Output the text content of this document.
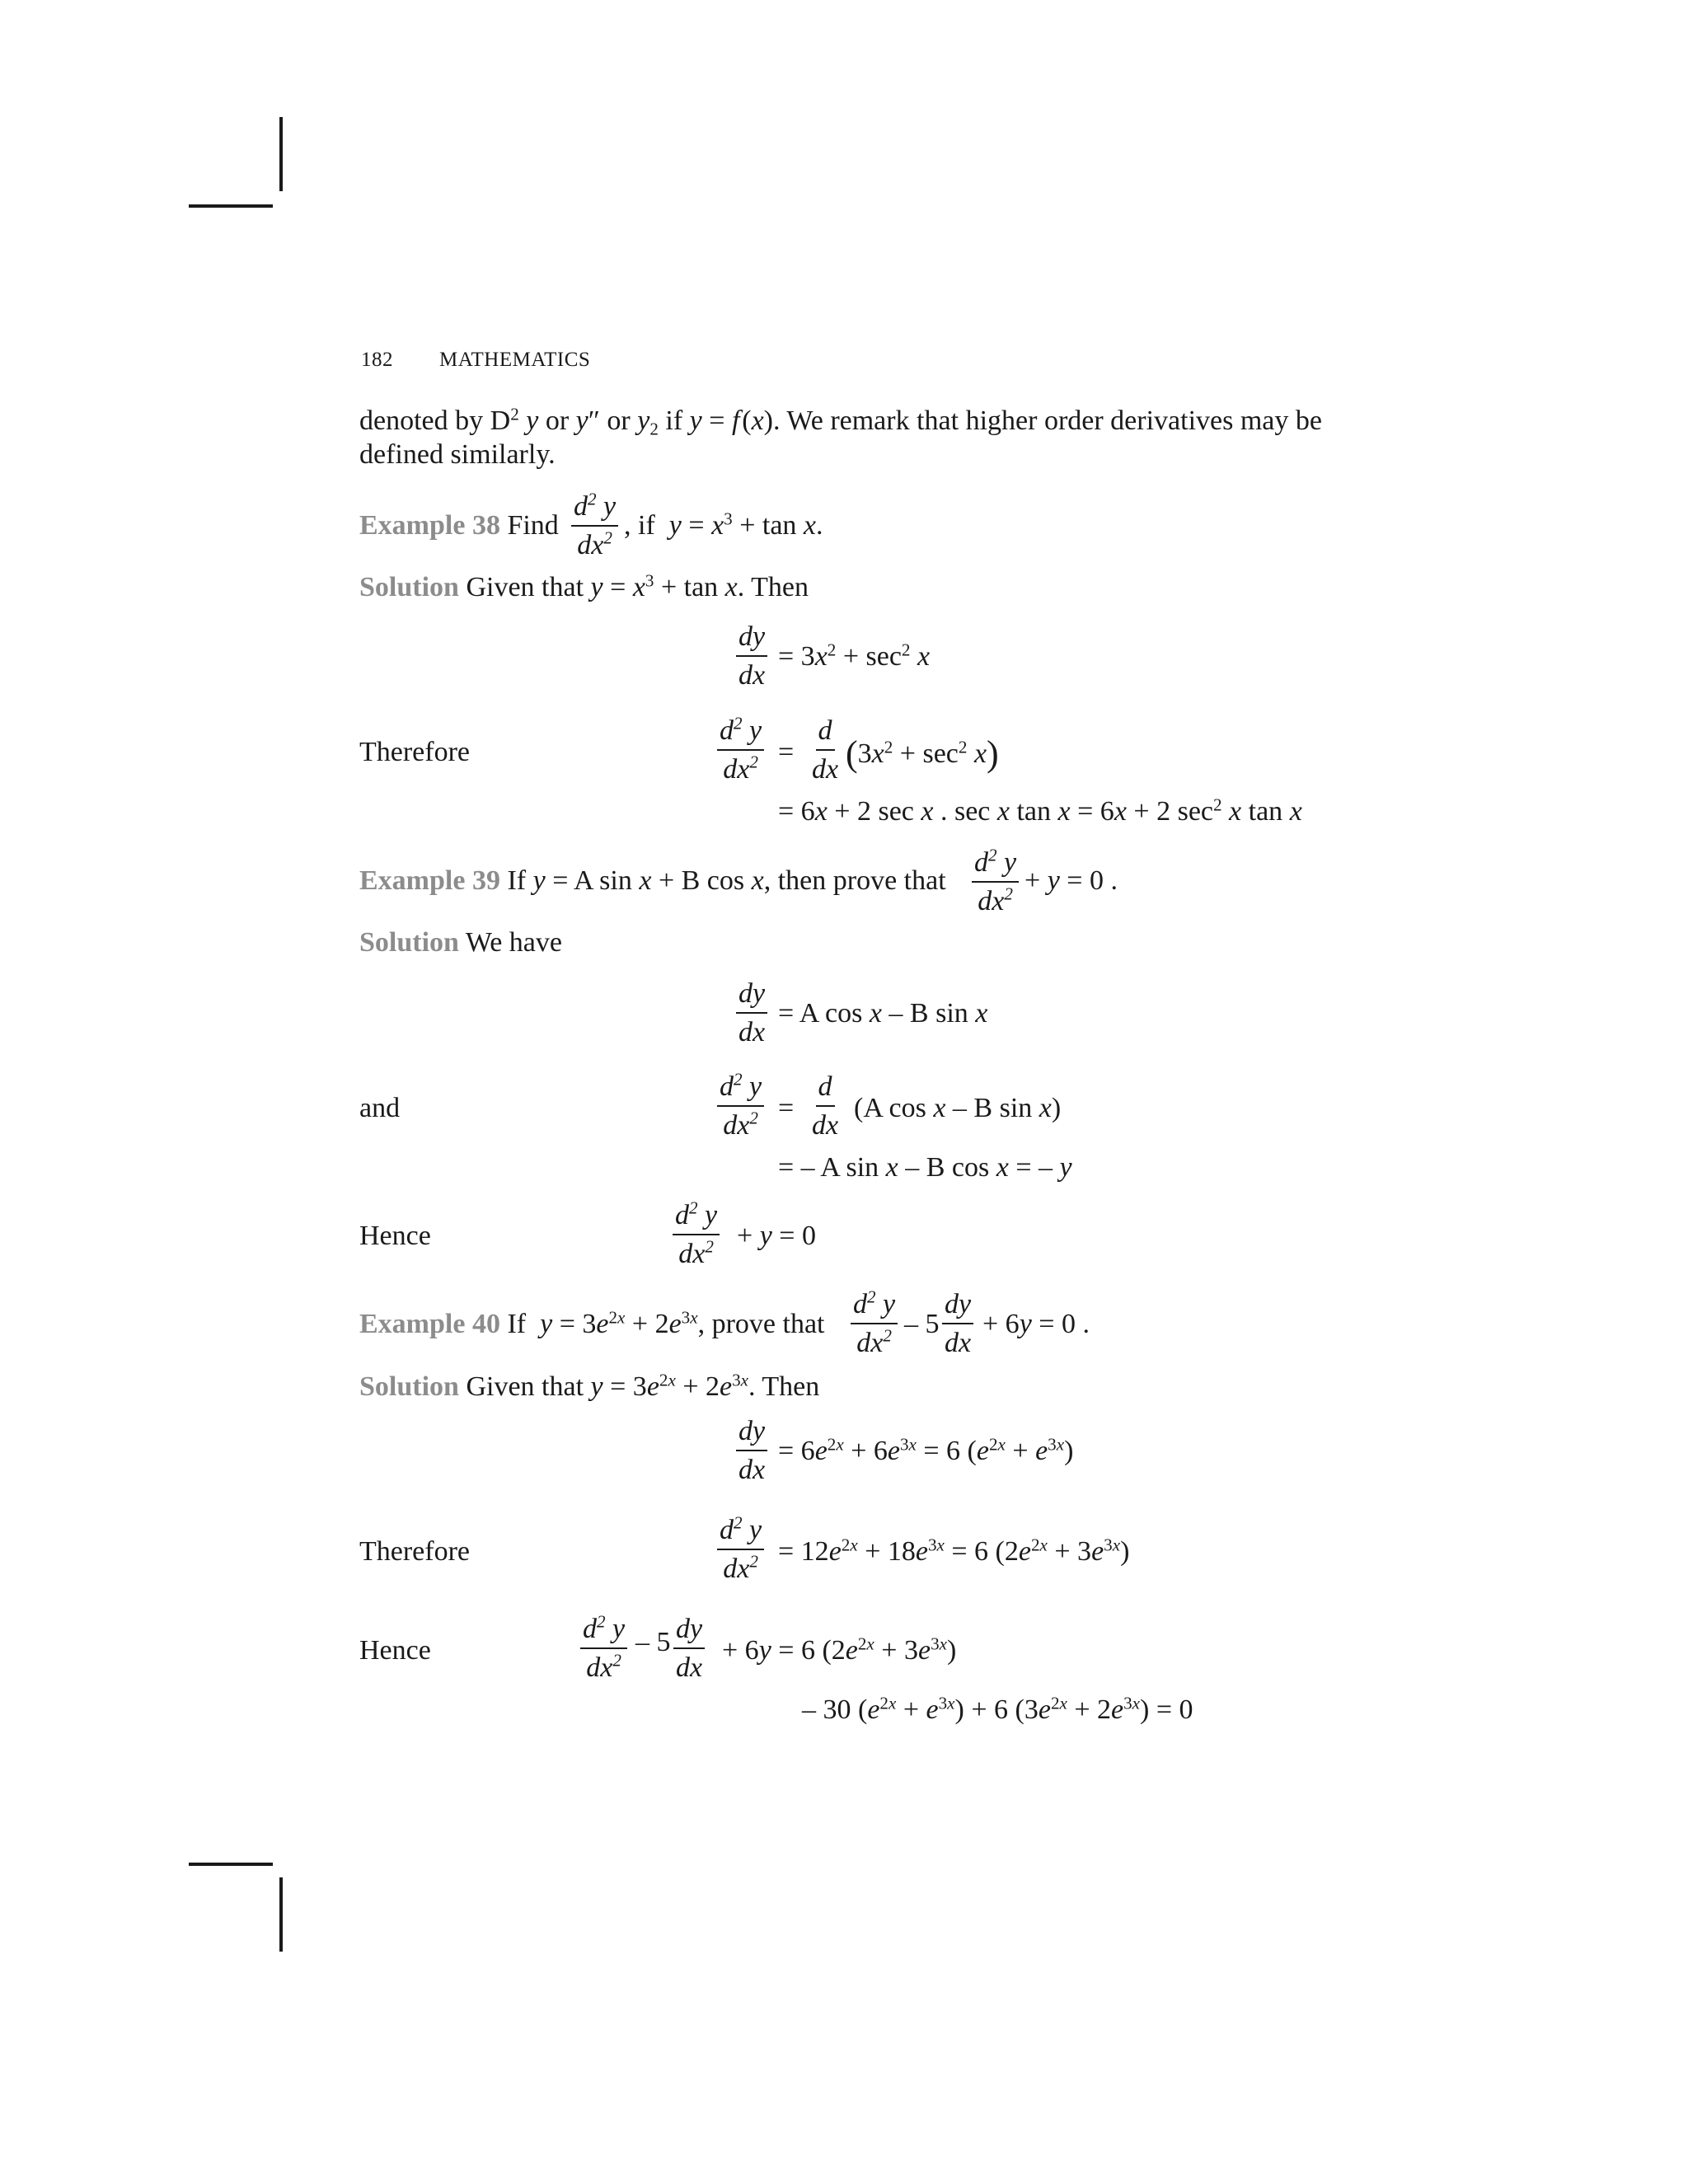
182 MATHEMATICS
denoted by $D^2$ y or y″ or $y_2$ if y = f (x). We remark that higher order derivatives may be
defined similarly.
Example 38 Find $\frac{d^2 y}{dx^2}$ , if  $y = x^3 + \tan x$.
Solution Given that $y = x^3 + \tan x$. Then
$\frac{dy}{dx} = 3x^2 + \sec^2 x$
Therefore	$\frac{d^2 y}{dx^2} = \frac{d}{dx} (3x^2 + \sec^2 x)$
= 6x + 2 sec x . sec x tan x = 6x + 2 $\sec^2 x$ tan x
Example 39 If y = A sin x + B cos x, then prove that $\frac{d^2 y}{dx^2} + y = 0$ .
Solution We have
$\frac{dy}{dx} = A$ cos x – B sin x
and	$\frac{d^2 y}{dx^2} = \frac{d}{dx} (A$ cos x – B sin x)
= – A sin x – B cos x = – y
Hence	$\frac{d^2 y}{dx^2} + y = 0$
Example 40 If  $y = 3e^{2x} + 2e^{3x}$, prove that $\frac{d^2 y}{dx^2} - 5 \frac{dy}{dx} + 6y = 0$ .
Solution Given that $y = 3e^{2x} + 2e^{3x}$. Then
$\frac{dy}{dx} = 6e^{2x} + 6e^{3x} = 6$ $(e^{2x} + e^{3x})$
Therefore	$\frac{d^2 y}{dx^2} = 12e^{2x} + 18e^{3x} = 6$ $(2e^{2x} + 3e^{3x})$
Hence	$\frac{d^2 y}{dx^2} - 5 \frac{dy}{dx} + 6y = 6$ $(2e^{2x} + 3e^{3x})$
– 30 $(e^{2x} + e^{3x}) + 6$ $(3e^{2x} + 2e^{3x}) = 0$
